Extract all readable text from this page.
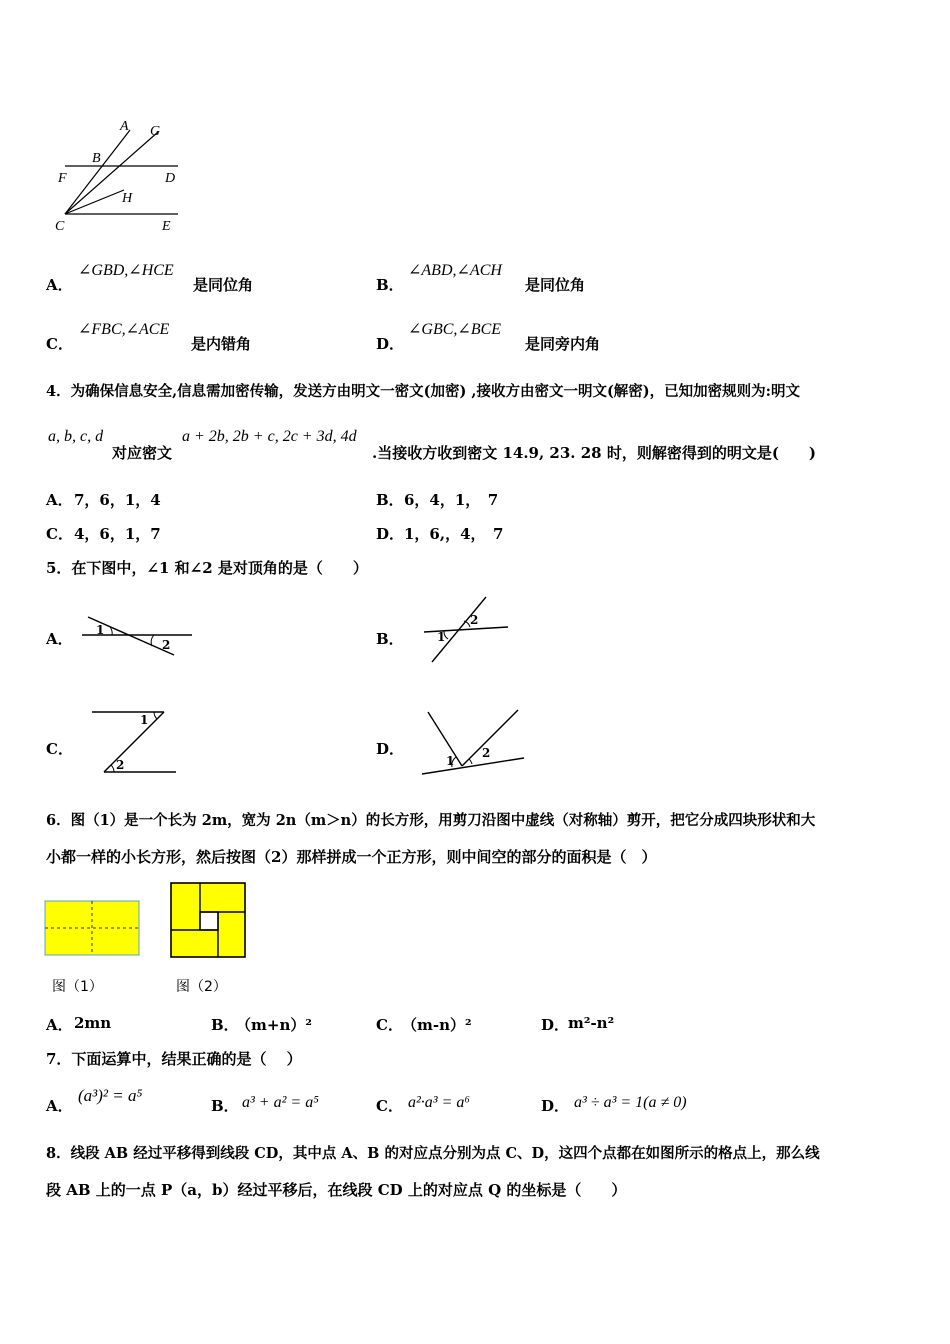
A G
B
F	D
H
C	E
A．
∠GBD,∠HCE
是同位角	B．
∠ABD,∠ACH
是同位角
C．
∠FBC,∠ACE
是内错角	D．
∠GBC,∠BCE
是同旁内角
4．为确保信息安全,信息需加密传输，发送方由明文一密文(加密) ,接收方由密文一明文(解密)，已知加密规则为:明文
a, b, c, d
对应密文
a + 2b, 2b + c, 2c + 3d, 4d
.当接收方收到密文 14.9, 23. 28 时，则解密得到的明文是(　　)
A． 7，6，1，4	B． 6，4，1，　7
C． 4，6，1，7	D． 1，6,，4，　7
5．在下图中，∠1 和∠2 是对顶角的是（　　）
A． 1
2	B．	1
2
C．
1
2
D．
1
2
6．图（1）是一个长为 2m，宽为 2n（m＞n）的长方形，用剪刀沿图中虚线（对称轴）剪开，把它分成四块形状和大
小都一样的小长方形，然后按图（2）那样拼成一个正方形，则中间空的部分的面积是（　）
图（1）	图（2）
A． 2mn	B．
（m+n）²	C． （m-n）²	D．
m²-n²
7．下面运算中，结果正确的是（　 ）
A．
(a³)² = a⁵
B． a³ + a² = a⁵	C． a²·a³ = a⁶	D． a³ ÷ a³ = 1(a ≠ 0)
8．线段 AB 经过平移得到线段 CD，其中点 A、B 的对应点分别为点 C、D，这四个点都在如图所示的格点上，那么线
段 AB 上的一点 P（a，b）经过平移后，在线段 CD 上的对应点 Q 的坐标是（　　）
